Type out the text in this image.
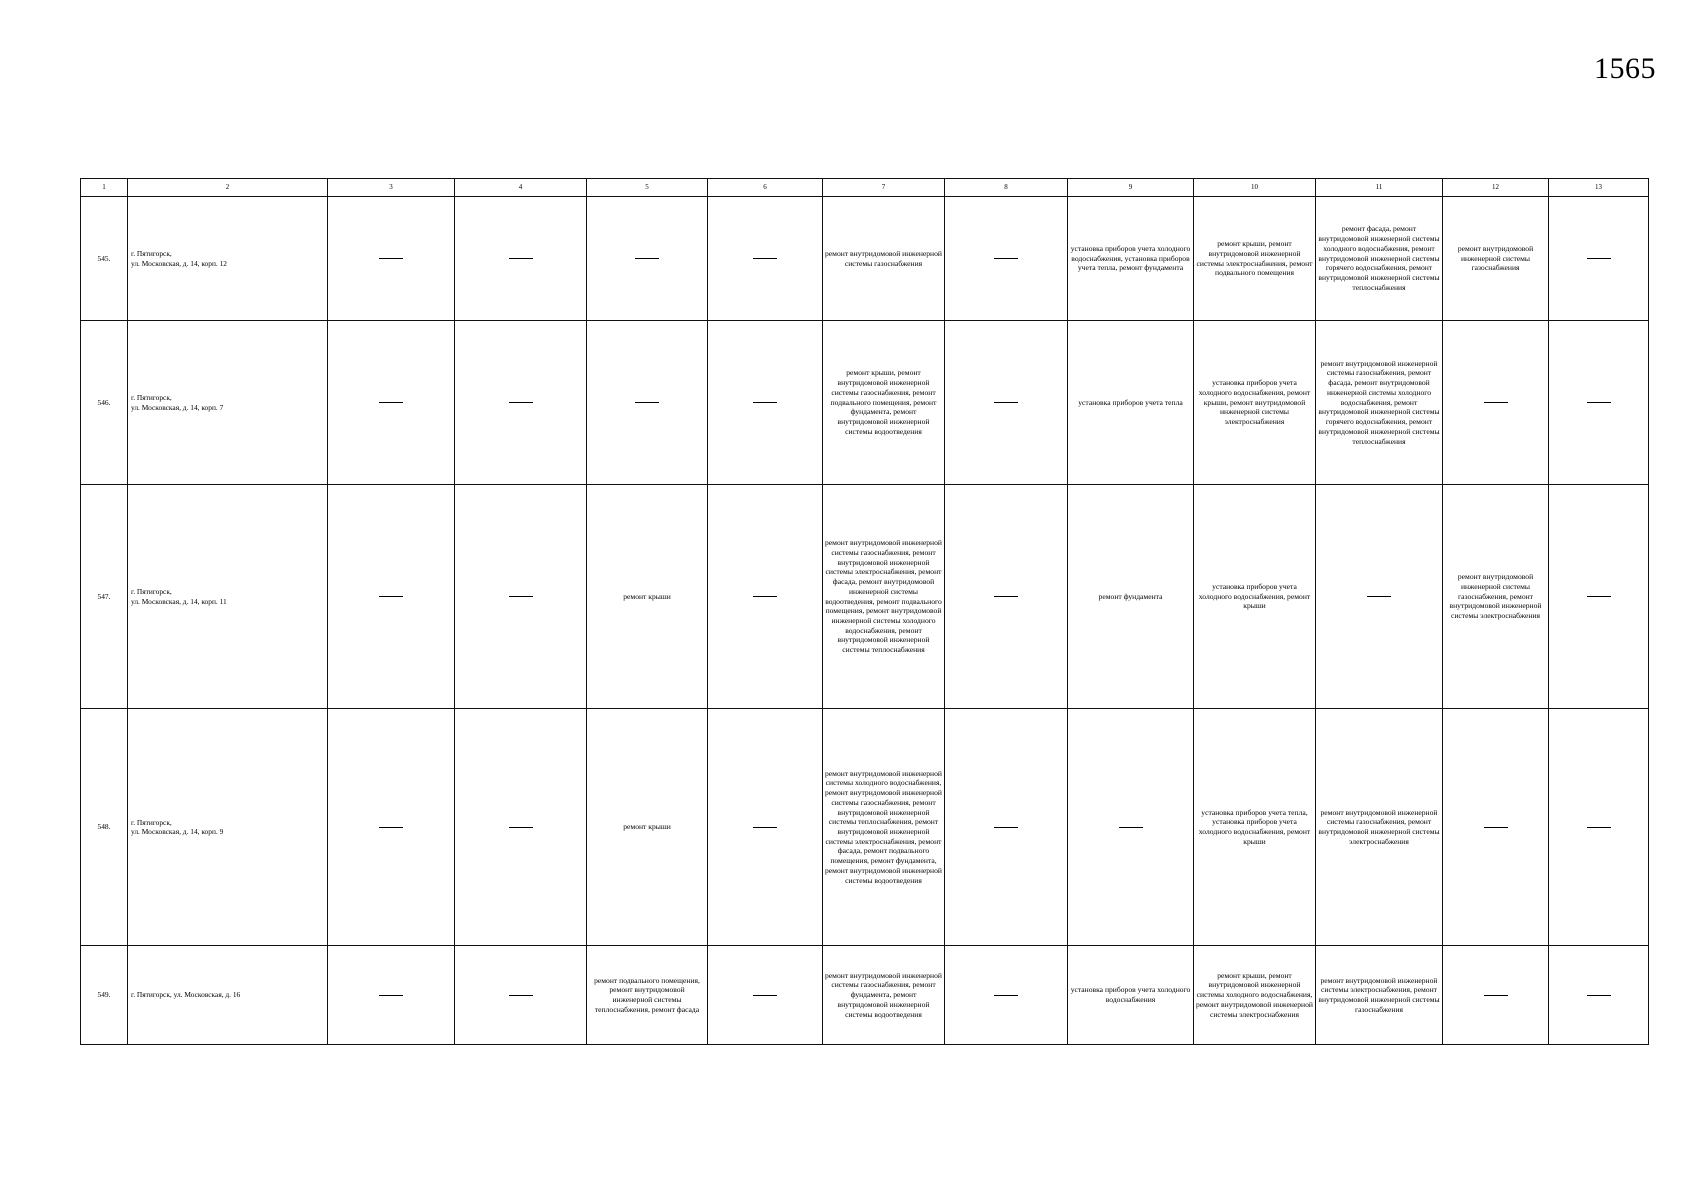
1565
1	2	3	4	5	6	7	8	9	10	11	12	13
545.	г. Пятигорск,
ул. Московская, д. 14, корп. 12					ремонт внутридомовой инженерной системы газоснабжения		установка приборов учета холодного водоснабжения, установка приборов учета тепла, ремонт фундамента	ремонт крыши, ремонт внутридомовой инженерной системы электроснабжения, ремонт подвального помещения	ремонт фасада, ремонт внутридомовой инженерной системы холодного водоснабжения, ремонт внутридомовой инженерной системы горячего водоснабжения, ремонт внутридомовой инженерной системы теплоснабжения	ремонт внутридомовой инженерной системы газоснабжения	
546.	г. Пятигорск,
ул. Московская, д. 14, корп. 7					ремонт крыши, ремонт внутридомовой инженерной системы газоснабжения, ремонт подвального помещения, ремонт фундамента, ремонт внутридомовой инженерной системы водоотведения		установка приборов учета тепла	установка приборов учета холодного водоснабжения, ремонт крыши, ремонт внутридомовой инженерной системы электроснабжения	ремонт внутридомовой инженерной системы газоснабжения, ремонт фасада, ремонт внутридомовой инженерной системы холодного водоснабжения, ремонт внутридомовой инженерной системы горячего водоснабжения, ремонт внутридомовой инженерной системы теплоснабжения		
547.	г. Пятигорск,
ул. Московская, д. 14, корп. 11			ремонт крыши		ремонт внутридомовой инженерной системы газоснабжения, ремонт внутридомовой инженерной системы электроснабжения, ремонт фасада, ремонт внутридомовой инженерной системы водоотведения, ремонт подвального помещения, ремонт внутридомовой инженерной системы холодного водоснабжения, ремонт внутридомовой инженерной системы теплоснабжения		ремонт фундамента	установка приборов учета холодного водоснабжения, ремонт крыши		ремонт внутридомовой инженерной системы газоснабжения, ремонт внутридомовой инженерной системы электроснабжения	
548.	г. Пятигорск,
ул. Московская, д. 14, корп. 9			ремонт крыши		ремонт внутридомовой инженерной системы холодного водоснабжения, ремонт внутридомовой инженерной системы газоснабжения, ремонт внутридомовой инженерной системы теплоснабжения, ремонт внутридомовой инженерной системы электроснабжения, ремонт фасада, ремонт подвального помещения, ремонт фундамента, ремонт внутридомовой инженерной системы водоотведения			установка приборов учета тепла, установка приборов учета холодного водоснабжения, ремонт крыши	ремонт внутридомовой инженерной системы газоснабжения, ремонт внутридомовой инженерной системы электроснабжения		
549.	г. Пятигорск, ул. Московская, д. 16			ремонт подвального помещения, ремонт внутридомовой инженерной системы теплоснабжения, ремонт фасада		ремонт внутридомовой инженерной системы газоснабжения, ремонт фундамента, ремонт внутридомовой инженерной системы водоотведения		установка приборов учета холодного водоснабжения	ремонт крыши, ремонт внутридомовой инженерной системы холодного водоснабжения, ремонт внутридомовой инженерной системы электроснабжения	ремонт внутридомовой инженерной системы электроснабжения, ремонт внутридомовой инженерной системы газоснабжения		
